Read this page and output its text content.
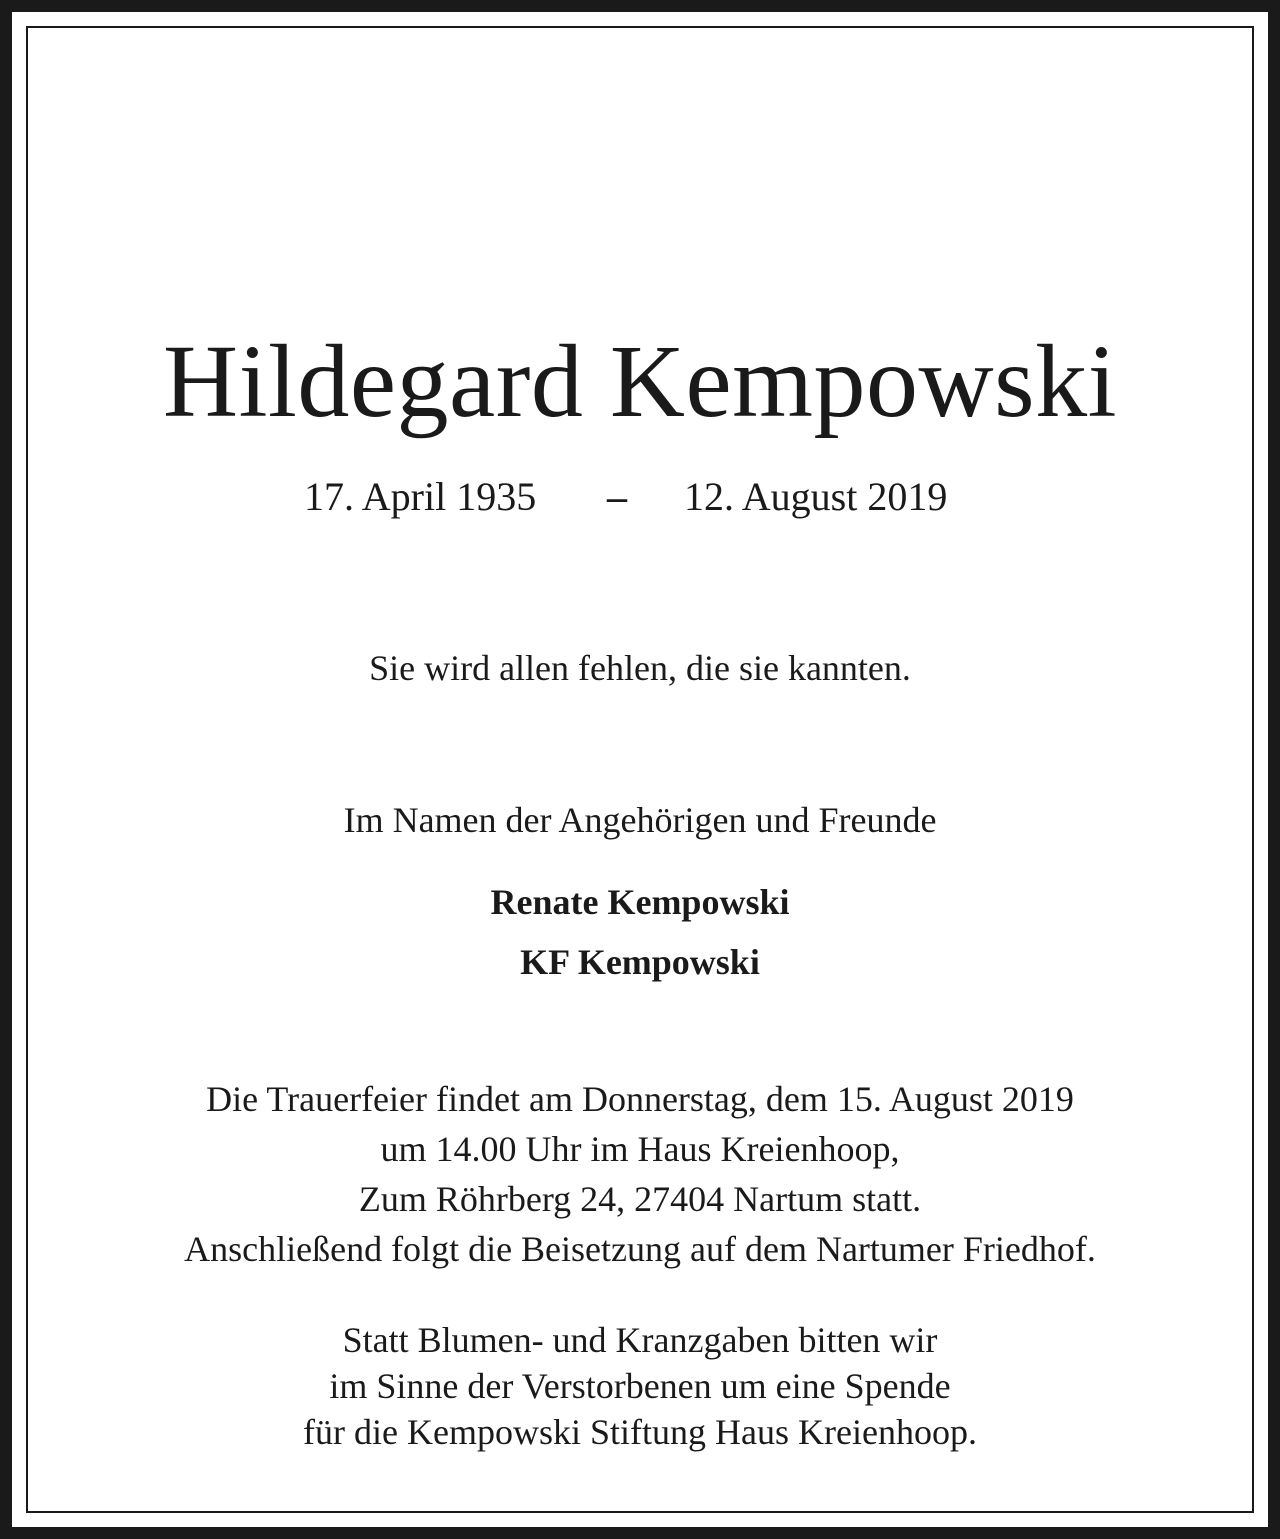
Hildegard Kempowski
17. April 1935 – 12. August 2019
Sie wird allen fehlen, die sie kannten.
Im Namen der Angehörigen und Freunde
Renate Kempowski
KF Kempowski
Die Trauerfeier findet am Donnerstag, dem 15. August 2019
um 14.00 Uhr im Haus Kreienhoop,
Zum Röhrberg 24, 27404 Nartum statt.
Anschließend folgt die Beisetzung auf dem Nartumer Friedhof.
Statt Blumen- und Kranzgaben bitten wir
im Sinne der Verstorbenen um eine Spende
für die Kempowski Stiftung Haus Kreienhoop.
